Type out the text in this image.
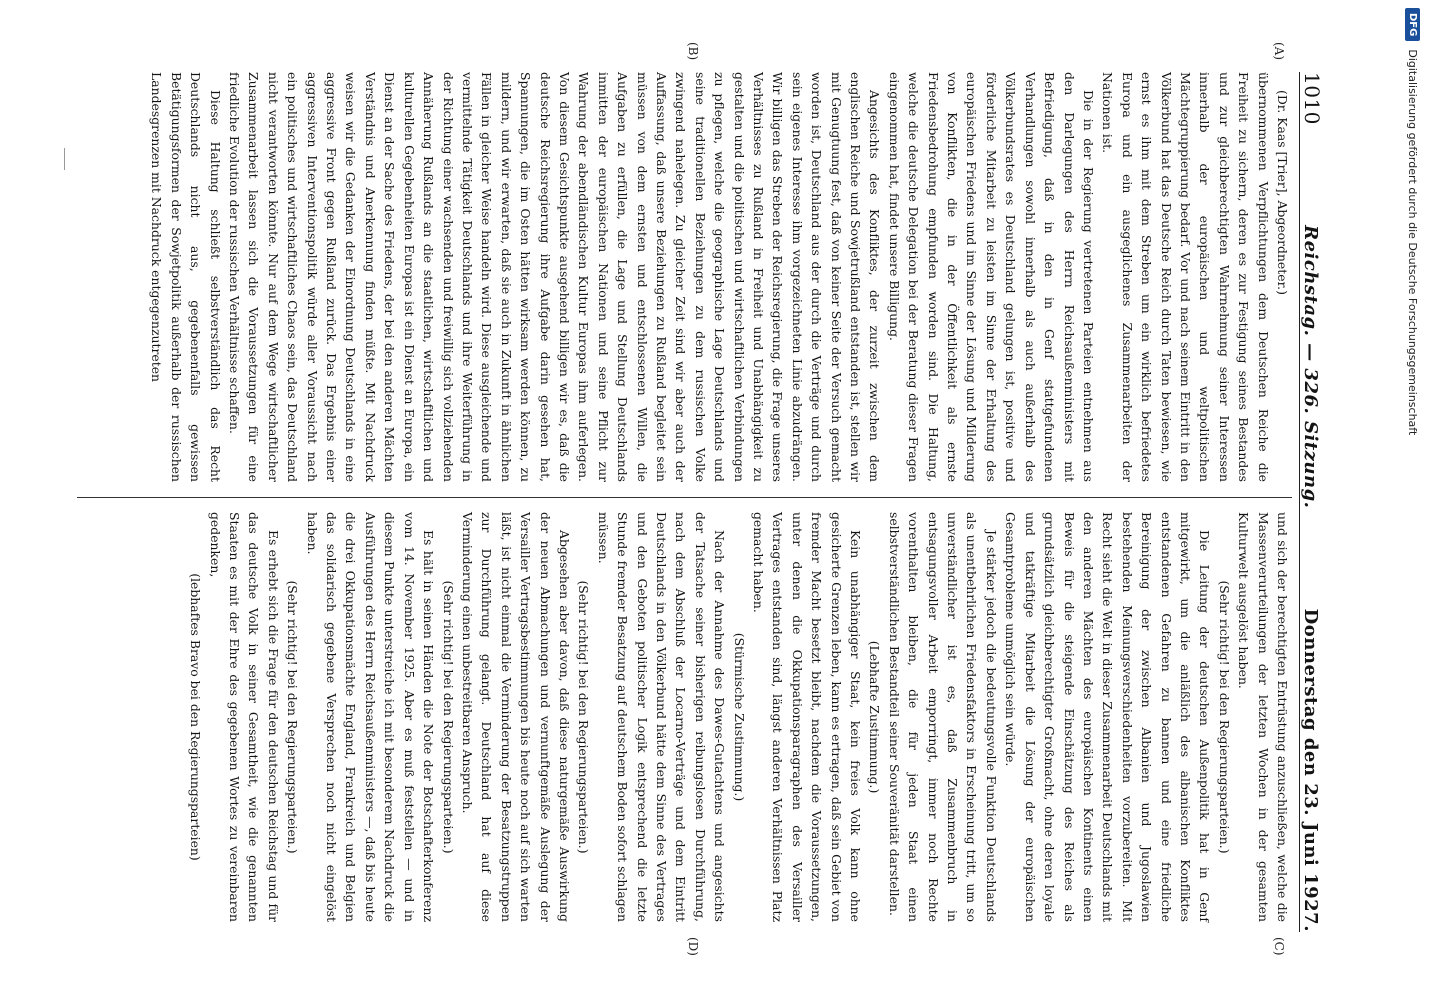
1010
Reichstag. — 326. Sitzung.
Donnerstag den 23. Juni 1927.
(A)
(B)
(C)
(D)

(Dr. Kaas [Trier], Abgeordneter.)

übernommenen Verpflichtungen dem Deutschen Reiche die Freiheit zu sichern, deren es zur Festigung seines Bestandes und zur gleichberechtigten Wahrnehmung seiner Interessen innerhalb der europäischen und weltpolitischen Mächtegruppierung bedarf. Vor und nach seinem Eintritt in den Völkerbund hat das Deutsche Reich durch Taten bewiesen, wie ernst es ihm mit dem Streben um ein wirklich befriedetes Europa und ein ausgeglichenes Zusammenarbeiten der Nationen ist.

Die in der Regierung vertretenen Parteien entnehmen aus den Darlegungen des Herrn Reichsaußenministers mit Befriedigung, daß in den in Genf stattgefundenen Verhandlungen sowohl innerhalb als auch außerhalb des Völkerbundsrates es Deutschland gelungen ist, positive und förderliche Mitarbeit zu leisten im Sinne der Erhaltung des europäischen Friedens und im Sinne der Lösung und Milderung von Konflikten, die in der Öffentlichkeit als ernste Friedensbedrohung empfunden worden sind. Die Haltung, welche die deutsche Delegation bei der Beratung dieser Fragen eingenommen hat, findet unsere Billigung.

Angesichts des Konfliktes, der zurzeit zwischen dem englischen Reiche und Sowjetrußland entstanden ist, stellen wir mit Genugtuung fest, daß von keiner Seite der Versuch gemacht worden ist, Deutschland aus der durch die Verträge und durch sein eigenes Interesse ihm vorgezeichneten Linie abzudrängen. Wir billigen das Streben der Reichsregierung, die Frage unseres Verhältnisses zu Rußland in Freiheit und Unabhängigkeit zu gestalten und die politischen und wirtschaftlichen Verbindungen zu pflegen, welche die geographische Lage Deutschlands und seine traditionellen Beziehungen zu dem russischen Volke zwingend nahelegen. Zu gleicher Zeit sind wir aber auch der Auffassung, daß unsere Beziehungen zu Rußland begleitet sein müssen von dem ernsten und entschlossenen Willen, die Aufgaben zu erfüllen, die Lage und Stellung Deutschlands inmitten der europäischen Nationen und seine Pflicht zur Wahrung der abendländischen Kultur Europas ihm auferlegen. Von diesem Gesichtspunkte ausgehend billigen wir es, daß die deutsche Reichsregierung ihre Aufgabe darin gesehen hat, Spannungen, die im Osten hätten wirksam werden können, zu mildern, und wir erwarten, daß sie auch in Zukunft in ähnlichen Fällen in gleicher Weise handeln wird. Diese ausgleichende und vermittelnde Tätigkeit Deutschlands und ihre Weiterführung in der Richtung einer wachsenden und freiwillig sich vollziehenden Annäherung Rußlands an die staatlichen, wirtschaftlichen und kulturellen Gegebenheiten Europas ist ein Dienst an Europa, ein Dienst an der Sache des Friedens, der bei den anderen Mächten Verständnis und Anerkennung finden müßte. Mit Nachdruck weisen wir die Gedanken der Einordnung Deutschlands in eine aggressive Front gegen Rußland zurück. Das Ergebnis einer aggressiven Interventionspolitik würde aller Voraussicht nach ein politisches und wirtschaftliches Chaos sein, das Deutschland nicht verantworten könnte. Nur auf dem Wege wirtschaftlicher Zusammenarbeit lassen sich die Voraussetzungen für eine friedliche Evolution der russischen Verhältnisse schaffen.

Diese Haltung schließt selbstverständlich das Recht Deutschlands nicht aus, gegebenenfalls gewissen Betätigungsformen der Sowjetpolitik außerhalb der russischen Landesgrenzen mit Nachdruck entgegenzutreten

und sich der berechtigten Entrüstung anzuschließen, welche die Massenverurteilungen der letzten Wochen in der gesamten Kulturwelt ausgelöst haben.

(Sehr richtig! bei den Regierungsparteien.)

Die Leitung der deutschen Außenpolitik hat in Genf mitgewirkt, um die anläßlich des albanischen Konfliktes entstandenen Gefahren zu bannen und eine friedliche Bereinigung der zwischen Albanien und Jugoslawien bestehenden Meinungsverschiedenheiten vorzubereiten. Mit Recht sieht die Welt in dieser Zusammenarbeit Deutschlands mit den anderen Mächten des europäischen Kontinents einen Beweis für die steigende Einschätzung des Reiches als grundsätzlich gleichberechtigter Großmacht, ohne deren loyale und tatkräftige Mitarbeit die Lösung der europäischen Gesamtprobleme unmöglich sein würde.

Je stärker jedoch die bedeutungsvolle Funktion Deutschlands als unentbehrlichen Friedensfaktors in Erscheinung tritt, um so unverständlicher ist es, daß Zusammenbruch in entsagungsvoller Arbeit emporringt, immer noch Rechte vorenthalten bleiben, die für jeden Staat einen selbstverständlichen Bestandteil seiner Souveränität darstellen.

(Lebhafte Zustimmung.)

Kein unabhängiger Staat, kein freies Volk kann ohne gesicherte Grenzen leben, kann es ertragen, daß sein Gebiet von fremder Macht besetzt bleibt, nachdem die Voraussetzungen, unter denen die Okkupationsparagraphen des Versailler Vertrages entstanden sind, längst anderen Verhältnissen Platz gemacht haben.

(Stürmische Zustimmung.)

Nach der Annahme des Dawes-Gutachtens und angesichts der Tatsache seiner bisherigen reibungslosen Durchführung, nach dem Abschluß der Locarno-Verträge und dem Eintritt Deutschlands in den Völkerbund hätte dem Sinne des Vertrages und den Geboten politischer Logik entsprechend die letzte Stunde fremder Besatzung auf deutschem Boden sofort schlagen müssen.

(Sehr richtig! bei den Regierungsparteien.)

Abgesehen aber davon, daß diese naturgemäße Auswirkung der neuen Abmachungen und vernunftgemäße Auslegung der Versailler Vertragsbestimmungen bis heute noch auf sich warten läßt, ist nicht einmal die Verminderung der Besatzungstruppen zur Durchführung gelangt. Deutschland hat auf diese Verminderung einen unbestreitbaren Anspruch.

(Sehr richtig! bei den Regierungsparteien.)

Es hält in seinen Händen die Note der Botschafterkonferenz vom 14. November 1925. Aber es muß feststellen — und in diesem Punkte unterstreiche ich mit besonderem Nachdruck die Ausführungen des Herrn Reichsaußenministers —, daß bis heute die drei Okkupationsmächte England, Frankreich und Belgien das solidarisch gegebene Versprechen noch nicht eingelöst haben.

(Sehr richtig! bei den Regierungsparteien.)

Es erhebt sich die Frage für den deutschen Reichstag und für das deutsche Volk in seiner Gesamtheit, wie die genannten Staaten es mit der Ehre des gegebenen Wortes zu vereinbaren gedenken,

(lebhaftes Bravo bei den Regierungsparteien)

DFG
Digitalisierung gefördert durch die Deutsche Forschungsgemeinschaft
